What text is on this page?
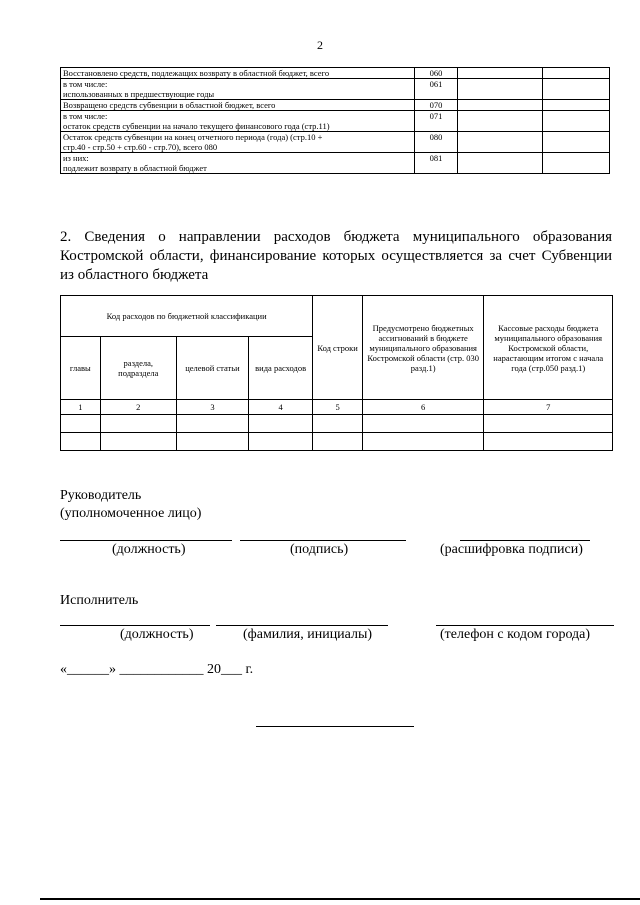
2
Восстановлено средств, подлежащих возврату в областной бюджет, всего	060		

в том числе:
использованных в предшествующие годы	061		

Возвращено средств субвенции в областной бюджет, всего	070		

в том числе:
остаток средств субвенции на начало текущего финансового года (стр.11)	071		

Остаток средств субвенции на конец отчетного периода (года) (стр.10 +
стр.40 - стр.50 + стр.60 - стр.70), всего 080	080		

из них:
подлежит возврату в областной бюджет	081		
2. Сведения о направлении расходов бюджета муниципального образования Костромской области, финансирование которых осуществляется за счет Субвенции из областного бюджета
Код расходов по бюджетной классификации				Код строки	Предусмотрено бюджетных ассигнований в бюджете муниципального образования Костромской области (стр. 030 разд.1)	Кассовые расходы бюджета муниципального образования Костромской области, нарастающим итогом с начала года (стр.050 разд.1)
главы	раздела, подраздела	целевой статьи	вида расходов			
1	2	3	4	5	6	7

Руководитель
(уполномоченное лицо)
(должность)	(подпись)	(расшифровка подписи)
Исполнитель
(должность)	(фамилия, инициалы)	(телефон с кодом города)
«______» ____________ 20___ г.
